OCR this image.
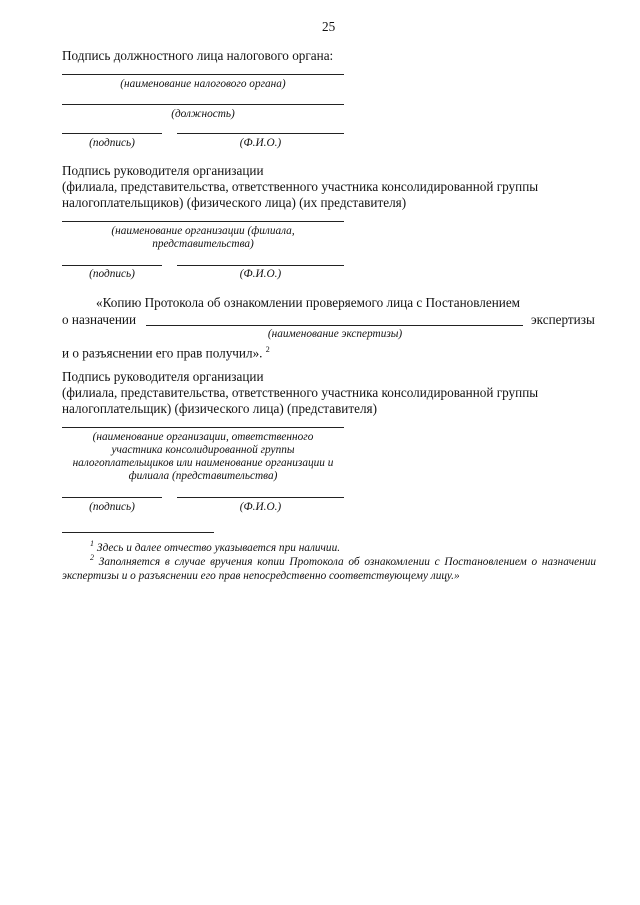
25
Подпись должностного лица налогового органа:
(наименование налогового органа)
(должность)
(подпись)	(Ф.И.О.)
Подпись руководителя организации
(филиала, представительства, ответственного участника консолидированной группы
налогоплательщиков) (физического лица) (их представителя)
(наименование организации (филиала,
представительства)
(подпись)	(Ф.И.О.)
«Копию Протокола об ознакомлении проверяемого лица с Постановлением
о назначении	экспертизы
(наименование экспертизы)
и о разъяснении его прав получил». $^2$
Подпись руководителя организации
(филиала, представительства, ответственного участника консолидированной группы
налогоплательщик) (физического лица) (представителя)
(наименование организации, ответственного
участника консолидированной группы
налогоплательщиков или наименование организации и
филиала (представительства)
(подпись)	(Ф.И.О.)
$^1$ Здесь и далее отчество указывается при наличии.
$^2$ Заполняется в случае вручения копии Протокола об ознакомлении с Постановлением о назначении экспертизы и о разъяснении его прав непосредственно соответствующему лицу.»
